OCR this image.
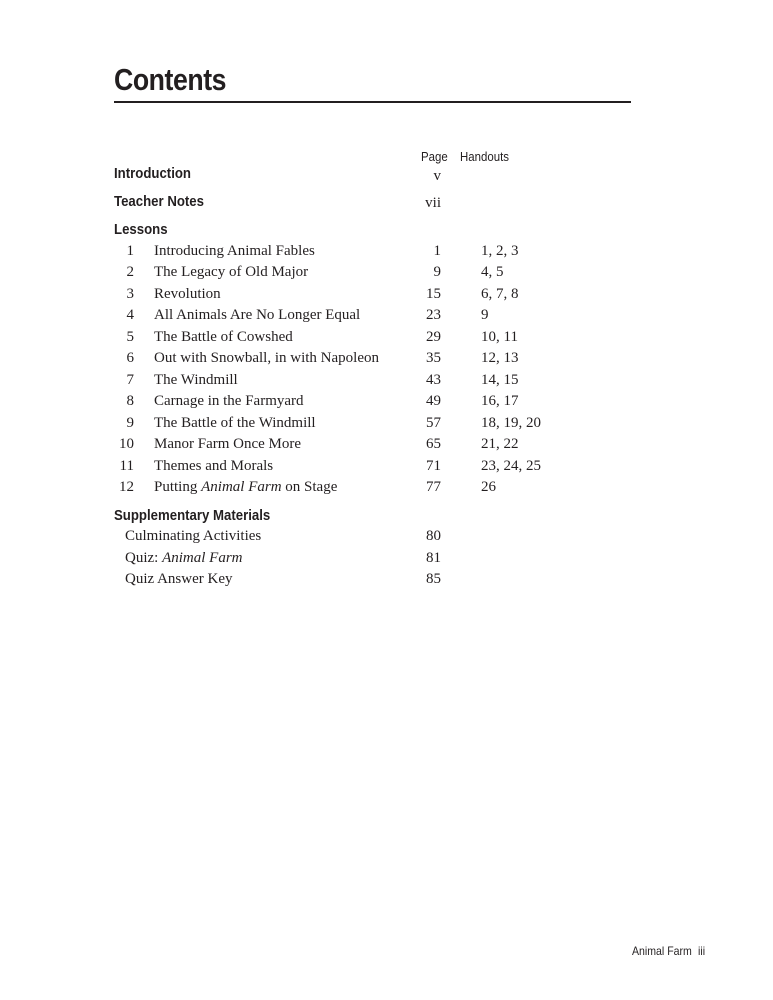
Contents
Page Handouts
Introduction	v
Teacher Notes	vii
Lessons
1 Introducing Animal Fables	1	1, 2, 3
2 The Legacy of Old Major	9	4, 5
3 Revolution	15	6, 7, 8
4 All Animals Are No Longer Equal	23	9
5 The Battle of Cowshed	29	10, 11
6 Out with Snowball, in with Napoleon	35	12, 13
7 The Windmill	43	14, 15
8 Carnage in the Farmyard	49	16, 17
9 The Battle of the Windmill	57	18, 19, 20
10 Manor Farm Once More	65	21, 22
11 Themes and Morals	71	23, 24, 25
12 Putting Animal Farm on Stage	77	26
Supplementary Materials
Culminating Activities	80
Quiz: Animal Farm	81
Quiz Answer Key	85
Animal Farm iii
